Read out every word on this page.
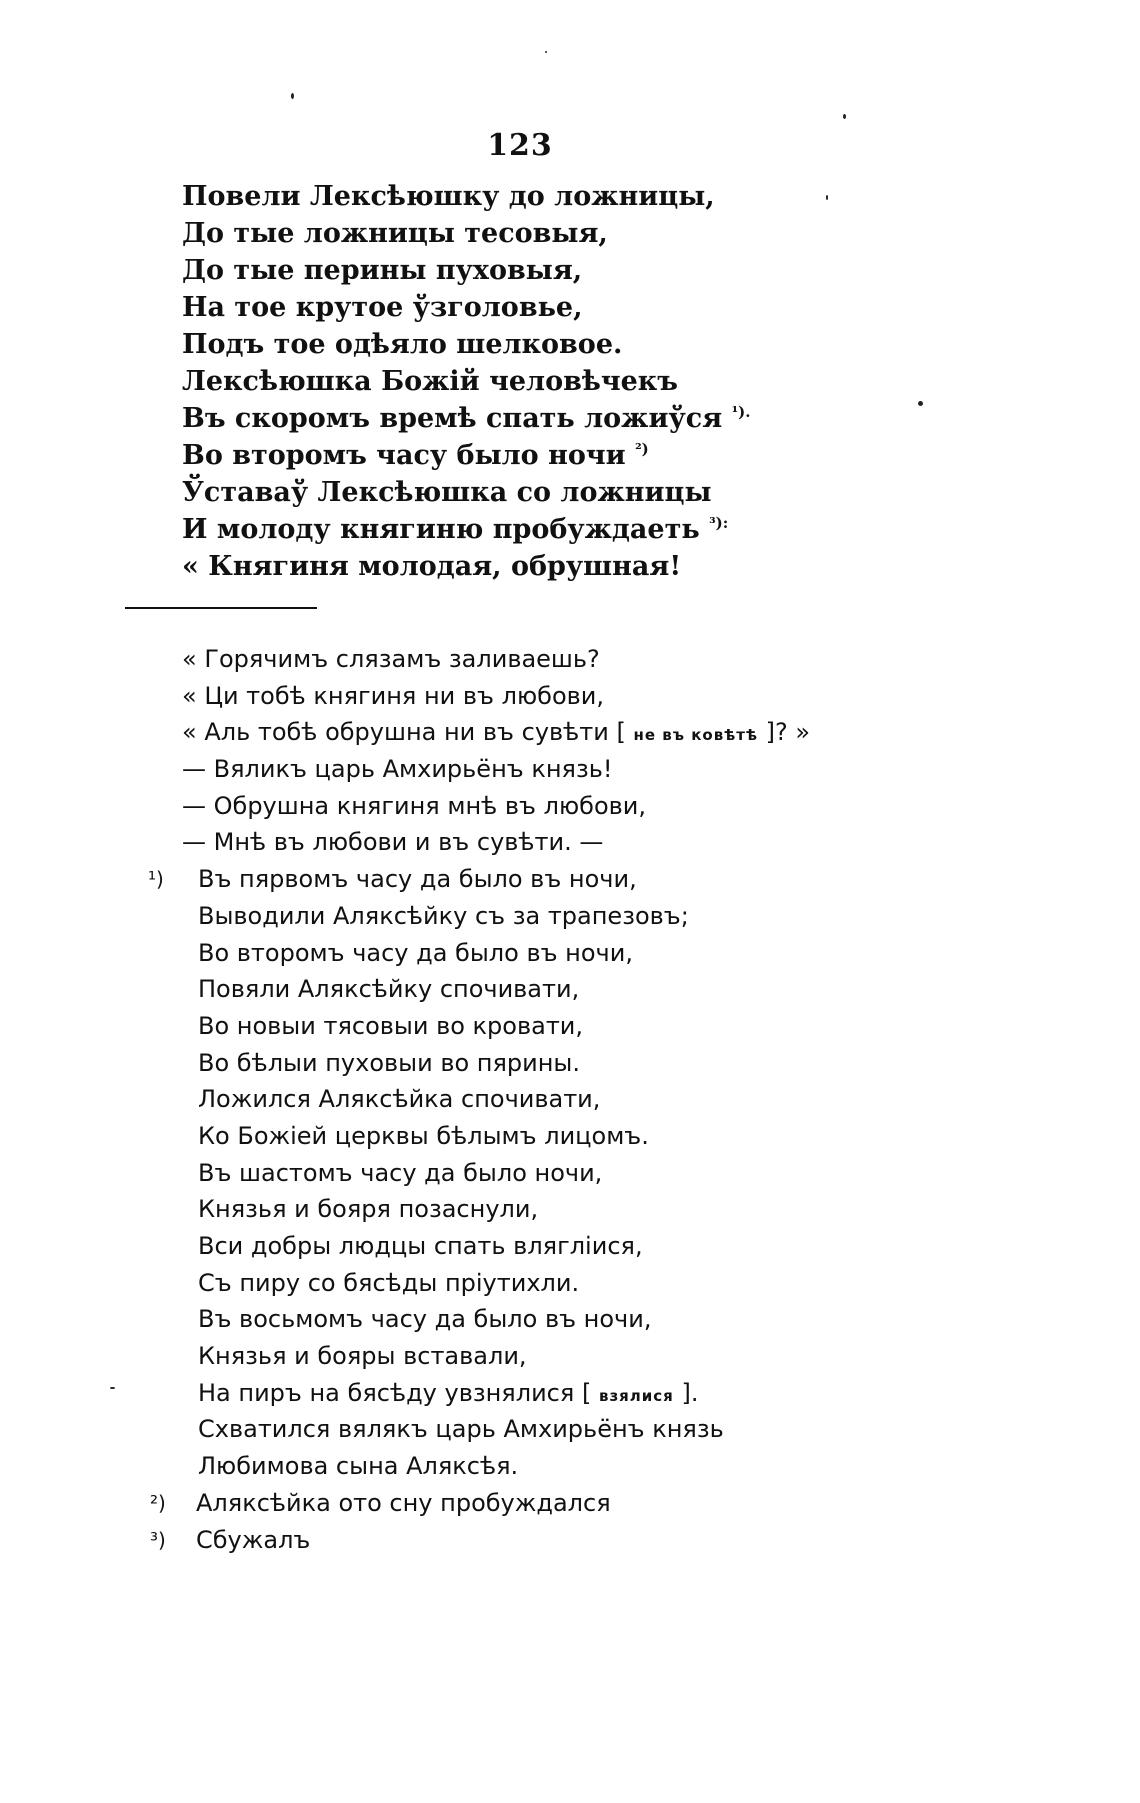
123
Повели Лексѣюшку до ложницы,
До тые ложницы тесовыя,
До тые перины пуховыя,
На тое крутое ўзголовье,
Подъ тое одѣяло шелковое.
Лексѣюшка Божій человѣчекъ
Въ скоромъ времѣ спать ложиўся $^{^1).}$
Во второмъ часу было ночи $^{^2)}$
Ўставаў Лексѣюшка со ложницы
И молоду княгиню пробуждаеть $^{^3):}$
« Княгиня молодая, обрушная!
« Горячимъ слязамъ заливаешь?
« Ци тобѣ княгиня ни въ любови,
« Аль тобѣ обрушна ни въ сувѣти [ не въ ковѣтѣ ]? »
— Вяликъ царь Амхирьёнъ князь!
— Обрушна княгиня мнѣ въ любови,
— Мнѣ въ любови и въ сувѣти. —
¹) Въ пярвомъ часу да было въ ночи,
Выводили Аляксѣйку съ за трапезовъ;
Во второмъ часу да было въ ночи,
Повяли Аляксѣйку спочивати,
Во новыи тясовыи во кровати,
Во бѣлыи пуховыи во пярины.
Ложился Аляксѣйка спочивати,
Ко Божіей церквы бѣлымъ лицомъ.
Въ шастомъ часу да было ночи,
Князья и бояря позаснули,
Вси добры людцы спать влягліися,
Съ пиру со бясѣды пріутихли.
Въ восьмомъ часу да было въ ночи,
Князья и бояры вставали,
На пиръ на бясѣду увзнялися [ взялися ].
Схватился вялякъ царь Амхирьёнъ князь
Любимова сына Аляксѣя.
²) Аляксѣйка ото сну пробуждался
³) Сбужалъ
